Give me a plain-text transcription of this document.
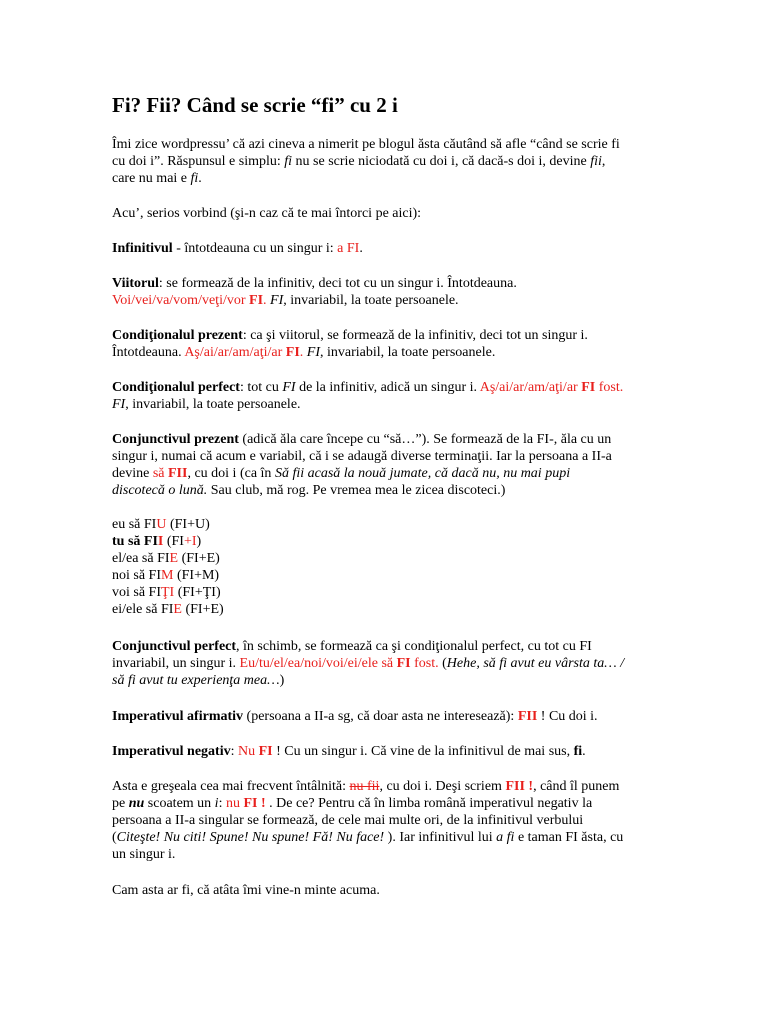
Fi? Fii? Când se scrie “fi” cu 2 i
Îmi zice wordpressu’ că azi cineva a nimerit pe blogul ăsta căutând să afle “când se scrie fi
cu doi i”. Răspunsul e simplu: fi nu se scrie niciodată cu doi i, că dacă-s doi i, devine fii,
care nu mai e fi.
Acu’, serios vorbind (şi-n caz că te mai întorci pe aici):
Infinitivul - întotdeauna cu un singur i: a FI.
Viitorul: se formează de la infinitiv, deci tot cu un singur i. Întotdeauna.
Voi/vei/va/vom/veţi/vor FI. FI, invariabil, la toate persoanele.
Condiţionalul prezent: ca şi viitorul, se formează de la infinitiv, deci tot un singur i.
Întotdeauna. Aş/ai/ar/am/aţi/ar FI. FI, invariabil, la toate persoanele.
Condiţionalul perfect: tot cu FI de la infinitiv, adică un singur i. Aş/ai/ar/am/aţi/ar FI fost.
FI, invariabil, la toate persoanele.
Conjunctivul prezent (adică ăla care începe cu “să…”). Se formează de la FI-, ăla cu un
singur i, numai că acum e variabil, că i se adaugă diverse terminaţii. Iar la persoana a II-a
devine să FII, cu doi i (ca în Să fii acasă la nouă jumate, că dacă nu, nu mai pupi
discotecă o lună. Sau club, mă rog. Pe vremea mea le zicea discoteci.)
eu să FIU (FI+U)
tu să FII (FI+I)
el/ea să FIE (FI+E)
noi să FIM (FI+M)
voi să FIŢI (FI+ŢI)
ei/ele să FIE (FI+E)
Conjunctivul perfect, în schimb, se formează ca şi condiţionalul perfect, cu tot cu FI
invariabil, un singur i. Eu/tu/el/ea/noi/voi/ei/ele să FI fost. (Hehe, să fi avut eu vârsta ta… /
să fi avut tu experienţa mea…)
Imperativul afirmativ (persoana a II-a sg, că doar asta ne interesează): FII ! Cu doi i.
Imperativul negativ: Nu FI ! Cu un singur i. Că vine de la infinitivul de mai sus, fi.
Asta e greşeala cea mai frecvent întâlnită: nu fii, cu doi i. Deşi scriem FII !, când îl punem
pe nu scoatem un i: nu FI ! . De ce? Pentru că în limba română imperativul negativ la
persoana a II-a singular se formează, de cele mai multe ori, de la infinitivul verbului
(Citeşte! Nu citi! Spune! Nu spune! Fă! Nu face! ). Iar infinitivul lui a fi e taman FI ăsta, cu
un singur i.
Cam asta ar fi, că atâta îmi vine-n minte acuma.
